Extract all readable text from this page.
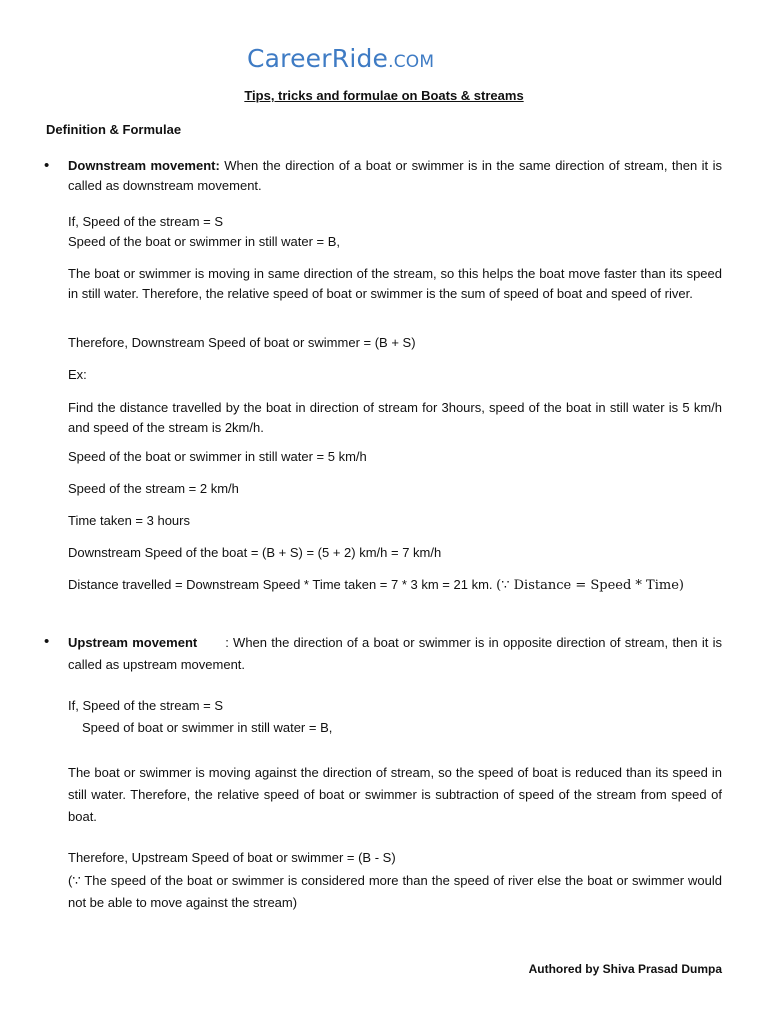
CareerRide.COM
Tips, tricks and formulae on Boats & streams
Definition & Formulae
• Downstream movement: When the direction of a boat or swimmer is in the same direction of stream, then it is called as downstream movement.
If, Speed of the stream = S
Speed of the boat or swimmer in still water = B,
The boat or swimmer is moving in same direction of the stream, so this helps the boat move faster than its speed in still water. Therefore, the relative speed of boat or swimmer is the sum of speed of boat and speed of river.
Therefore, Downstream Speed of boat or swimmer = (B + S)
Ex:
Find the distance travelled by the boat in direction of stream for 3hours, speed of the boat in still water is 5 km/h and speed of the stream is 2km/h.
Speed of the boat or swimmer in still water = 5 km/h
Speed of the stream = 2 km/h
Time taken = 3 hours
Downstream Speed of the boat = (B + S) = (5 + 2) km/h = 7 km/h
Distance travelled = Downstream Speed * Time taken = 7 * 3 km = 21 km. (∵ Distance = Speed * Time)
• Upstream movement : When the direction of a boat or swimmer is in opposite direction of stream, then it is called as upstream movement.
If, Speed of the stream = S
Speed of boat or swimmer in still water = B,
The boat or swimmer is moving against the direction of stream, so the speed of boat is reduced than its speed in still water. Therefore, the relative speed of boat or swimmer is subtraction of speed of the stream from speed of boat.
Therefore, Upstream Speed of boat or swimmer = (B - S)
(∵ The speed of the boat or swimmer is considered more than the speed of river else the boat or swimmer would not be able to move against the stream)
Authored by Shiva Prasad Dumpa
